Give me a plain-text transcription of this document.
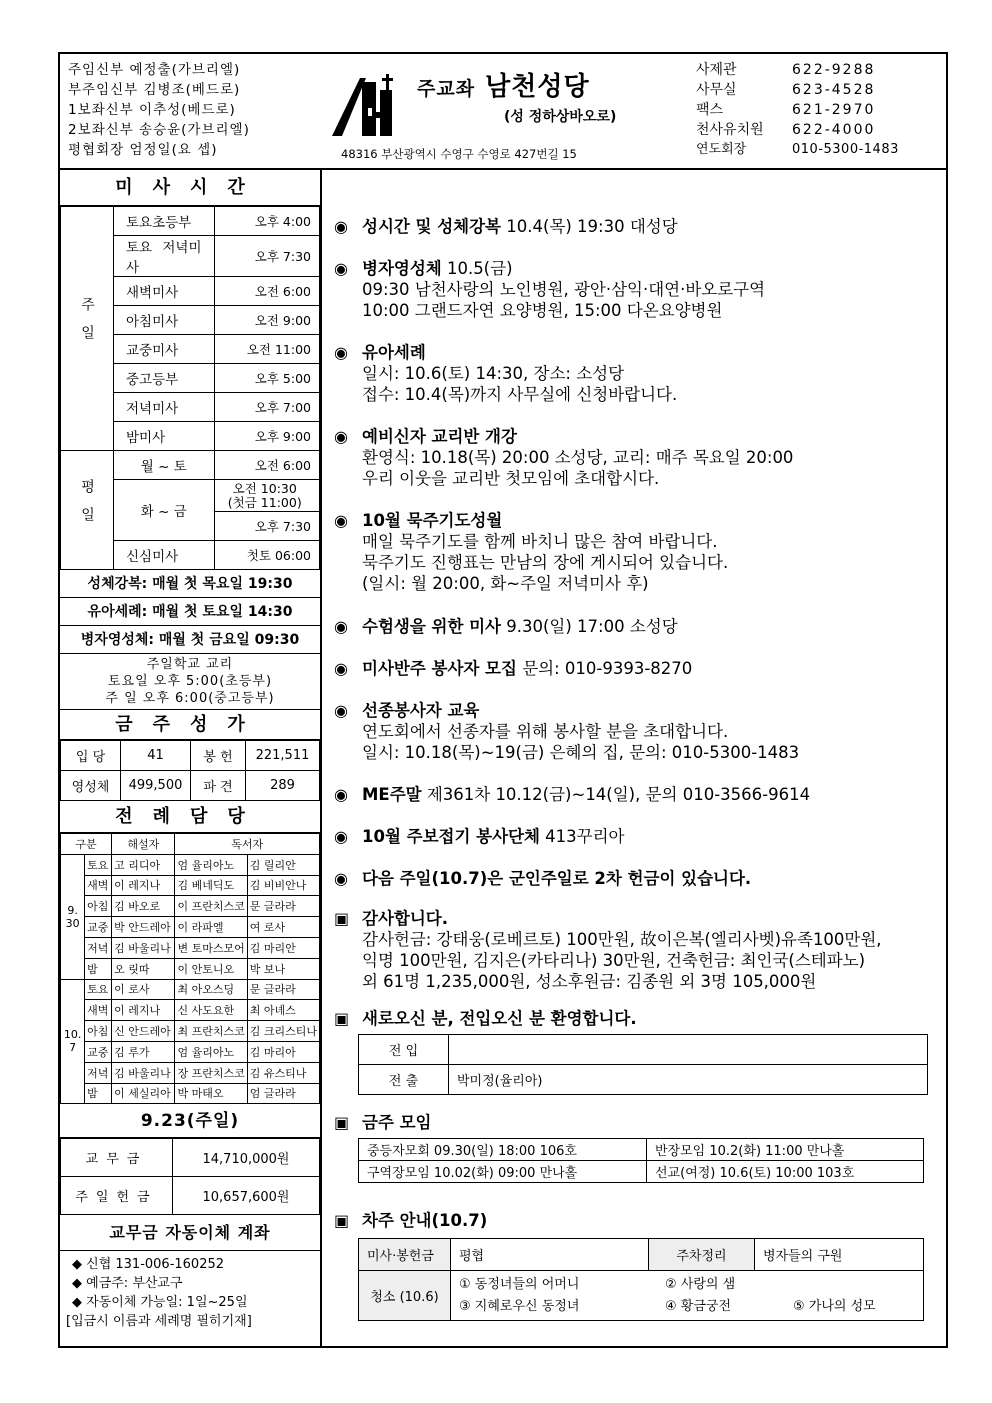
주임신부 예정출(가브리엘)
부주임신부 김병조(베드로)
1보좌신부 이추성(베드로)
2보좌신부 송승윤(가브리엘)
평협회장 엄정일(요 셉)
주교좌 남천성당
(성 정하상바오로)
48316 부산광역시 수영구 수영로 427번길 15
사제관	622-9288
사무실	623-4528
팩스	621-2970
천사유치원 622-4000
연도회장	010-5300-1483
미사시간
주일	토요초등부	오후 4:00
	토요 저녁미사	오후 7:30
	새벽미사	오전 6:00
	아침미사	오전 9:00
	교중미사	오전 11:00
	중고등부	오후 5:00
	저녁미사	오후 7:00
	밤미사	오후 9:00
평일	월 ~ 토	오전 6:00
	화 ~ 금	오전 10:30
(첫금 11:00)

		오후 7:30
	신심미사	첫토 06:00
성체강복: 매월 첫 목요일 19:30
유아세례: 매월 첫 토요일 14:30
병자영성체: 매월 첫 금요일 09:30
주일학교 교리
토요일 오후 5:00(초등부)
주 일 오후 6:00(중고등부)
금주성가
입 당	41	봉 헌	221,511
영성체	499,500	파 견	289
전례담당
구분		해설자	독서자	
9.
30	토요	고 리디아	엄 율리아노	김 릴리안
	새벽	이 레지나	김 베네딕도	김 비비안나
	아침	김 바오로	이 프란치스코	문 글라라
	교중	박 안드레아	이 라파엘	여 로사
	저녁	김 바울리나	변 토마스모어	김 마리안
	밤	오 릿따	이 안토니오	박 보나
10.
7	토요	이 로사	최 아오스딩	문 글라라
	새벽	이 레지나	신 사도요한	최 아녜스
	아침	신 안드레아	최 프란치스코	김 크리스티나
	교중	김 루가	엄 율리아노	김 마리아
	저녁	김 바울리나	장 프란치스코	김 유스티나
	밤	이 세실리아	박 마태오	엄 글라라
9.23(주일)
교무금	14,710,000원
주일헌금	10,657,600원
교무금 자동이체 계좌
◆ 신협 131-006-160252
◆ 예금주: 부산교구
◆ 자동이체 가능일: 1일~25일
[입금시 이름과 세례명 필히기재]
◉ 성시간 및 성체강복 10.4(목) 19:30 대성당
◉ 병자영성체 10.5(금)
09:30 남천사랑의 노인병원, 광안·삼익·대연·바오로구역
10:00 그랜드자연 요양병원, 15:00 다온요양병원
◉ 유아세례
일시: 10.6(토) 14:30, 장소: 소성당
접수: 10.4(목)까지 사무실에 신청바랍니다.
◉ 예비신자 교리반 개강
환영식: 10.18(목) 20:00 소성당, 교리: 매주 목요일 20:00
우리 이웃을 교리반 첫모임에 초대합시다.
◉ 10월 묵주기도성월
매일 묵주기도를 함께 바치니 많은 참여 바랍니다.
묵주기도 진행표는 만남의 장에 게시되어 있습니다.
(일시: 월 20:00, 화~주일 저녁미사 후)
◉ 수험생을 위한 미사 9.30(일) 17:00 소성당
◉ 미사반주 봉사자 모집 문의: 010-9393-8270
◉ 선종봉사자 교육
연도회에서 선종자를 위해 봉사할 분을 초대합니다.
일시: 10.18(목)~19(금) 은혜의 집, 문의: 010-5300-1483
◉ ME주말 제361차 10.12(금)~14(일), 문의 010-3566-9614
◉ 10월 주보접기 봉사단체 413꾸리아
◉ 다음 주일(10.7)은 군인주일로 2차 헌금이 있습니다.
▣ 감사합니다.
감사헌금: 강태웅(로베르토) 100만원, 故이은복(엘리사벳)유족100만원,
익명 100만원, 김지은(카타리나) 30만원, 건축헌금: 최인국(스테파노)
외 61명 1,235,000원, 성소후원금: 김종원 외 3명 105,000원
▣ 새로오신 분, 전입오신 분 환영합니다.
전 입	
전 출	박미정(율리아)
▣ 금주 모임
중등자모회 09.30(일) 18:00 106호	반장모임 10.2(화) 11:00 만나홀
구역장모임 10.02(화) 09:00 만나홀	선교(여정) 10.6(토) 10:00 103호
▣ 차주 안내(10.7)
미사·봉헌금	평협	주차정리	병자들의 구원
청소 (10.6)	① 동정녀들의 어머니 ② 사랑의 샘
③ 지혜로우신 동정녀 ④ 황금궁전 ⑤ 가나의 성모		
